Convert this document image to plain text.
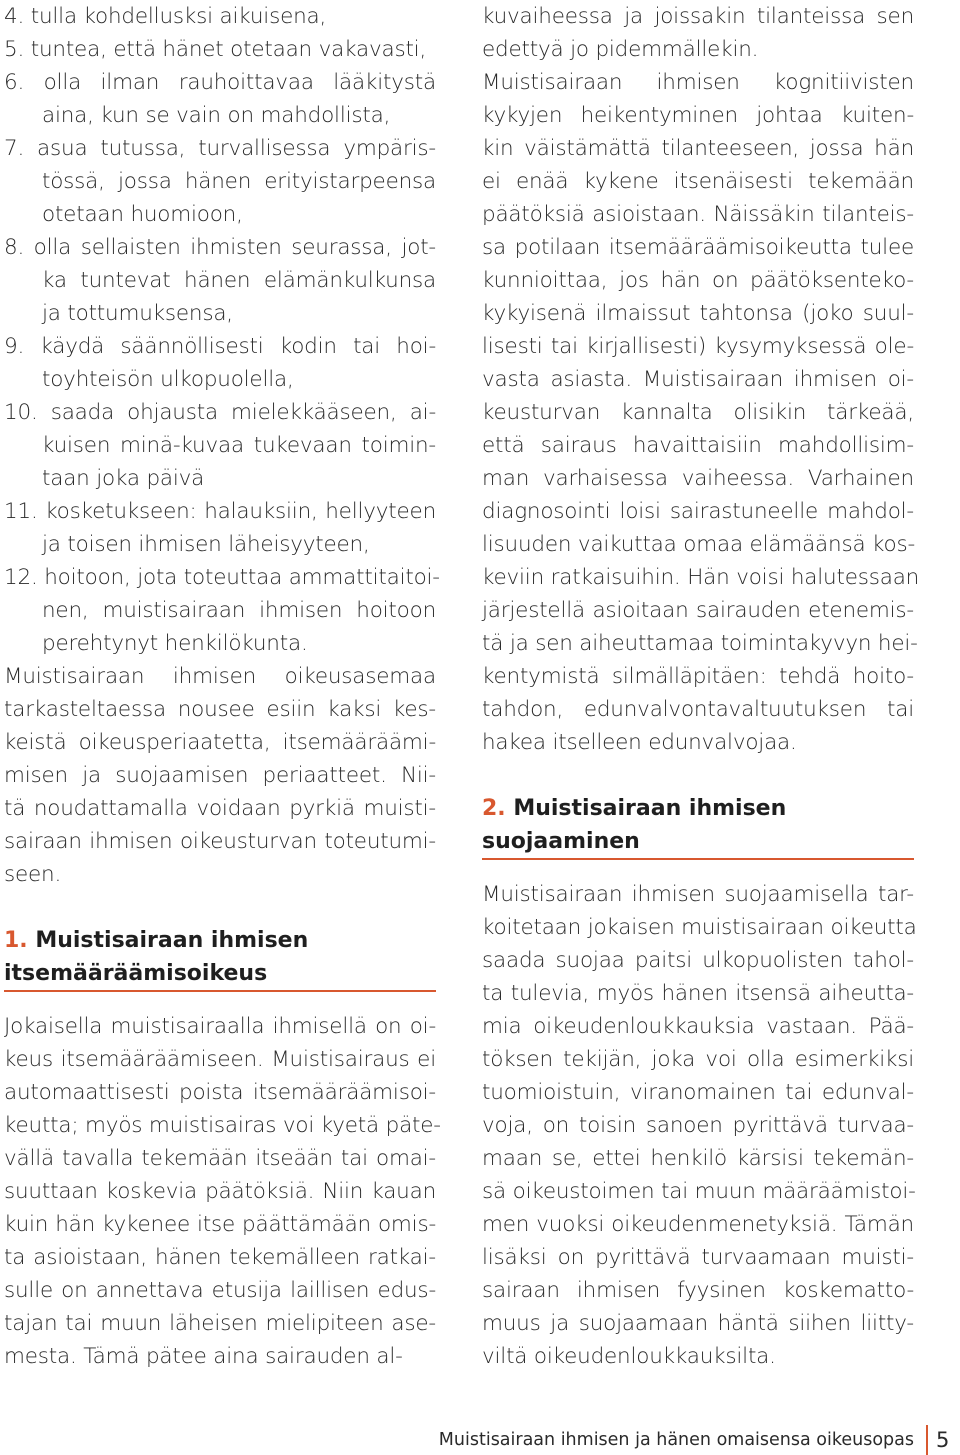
4. tulla kohdellusksi aikuisena,
5. tuntea, että hänet otetaan vakavasti,
6. olla ilman rauhoittavaa lääkitystä
aina, kun se vain on mahdollista,
7. asua tutussa, turvallisessa ympäris-
tössä, jossa hänen erityistarpeensa
otetaan huomioon,
8. olla sellaisten ihmisten seurassa, jot-
ka tuntevat hänen elämänkulkunsa
ja tottumuksensa,
9. käydä säännöllisesti kodin tai hoi-
toyhteisön ulkopuolella,
10. saada ohjausta mielekkääseen, ai-
kuisen minä-kuvaa tukevaan toimin-
taan joka päivä
11. kosketukseen: halauksiin, hellyyteen
ja toisen ihmisen läheisyyteen,
12. hoitoon, jota toteuttaa ammattitaitoi-
nen, muistisairaan ihmisen hoitoon
perehtynyt henkilökunta.
Muistisairaan ihmisen oikeusasemaa
tarkasteltaessa nousee esiin kaksi kes-
keistä oikeusperiaatetta, itsemääräämi-
misen ja suojaamisen periaatteet. Nii-
tä noudattamalla voidaan pyrkiä muisti-
sairaan ihmisen oikeusturvan toteutumi-
seen.
1. Muistisairaan ihmisen
itsemääräämisoikeus
Jokaisella muistisairaalla ihmisellä on oi-
keus itsemääräämiseen. Muistisairaus ei
automaattisesti poista itsemääräämisoi-
keutta; myös muistisairas voi kyetä päte-
vällä tavalla tekemään itseään tai omai-
suuttaan koskevia päätöksiä. Niin kauan
kuin hän kykenee itse päättämään omis-
ta asioistaan, hänen tekemälleen ratkai-
sulle on annettava etusija laillisen edus-
tajan tai muun läheisen mielipiteen ase-
mesta. Tämä pätee aina sairauden al-
kuvaiheessa ja joissakin tilanteissa sen
edettyä jo pidemmällekin.
Muistisairaan ihmisen kognitiivisten
kykyjen heikentyminen johtaa kuiten-
kin väistämättä tilanteeseen, jossa hän
ei enää kykene itsenäisesti tekemään
päätöksiä asioistaan. Näissäkin tilanteis-
sa potilaan itsemääräämisoikeutta tulee
kunnioittaa, jos hän on päätöksenteko-
kykyisenä ilmaissut tahtonsa (joko suul-
lisesti tai kirjallisesti) kysymyksessä ole-
vasta asiasta. Muistisairaan ihmisen oi-
keusturvan kannalta olisikin tärkeää,
että sairaus havaittaisiin mahdollisim-
man varhaisessa vaiheessa. Varhainen
diagnosointi loisi sairastuneelle mahdol-
lisuuden vaikuttaa omaa elämäänsä kos-
keviin ratkaisuihin. Hän voisi halutessaan
järjestellä asioitaan sairauden etenemis-
tä ja sen aiheuttamaa toimintakyvyn hei-
kentymistä silmälläpitäen: tehdä hoito-
tahdon, edunvalvontavaltuutuksen tai
hakea itselleen edunvalvojaa.
2. Muistisairaan ihmisen
suojaaminen
Muistisairaan ihmisen suojaamisella tar-
koitetaan jokaisen muistisairaan oikeutta
saada suojaa paitsi ulkopuolisten tahol-
ta tulevia, myös hänen itsensä aiheutta-
mia oikeudenloukkauksia vastaan. Pää-
töksen tekijän, joka voi olla esimerkiksi
tuomioistuin, viranomainen tai edunval-
voja, on toisin sanoen pyrittävä turvaa-
maan se, ettei henkilö kärsisi tekemän-
sä oikeustoimen tai muun määräämistoi-
men vuoksi oikeudenmenetyksiä. Tämän
lisäksi on pyrittävä turvaamaan muisti-
sairaan ihmisen fyysinen koskematto-
muus ja suojaamaan häntä siihen liitty-
viltä oikeudenloukkauksilta.
Muistisairaan ihmisen ja hänen omaisensa oikeusopas 5
